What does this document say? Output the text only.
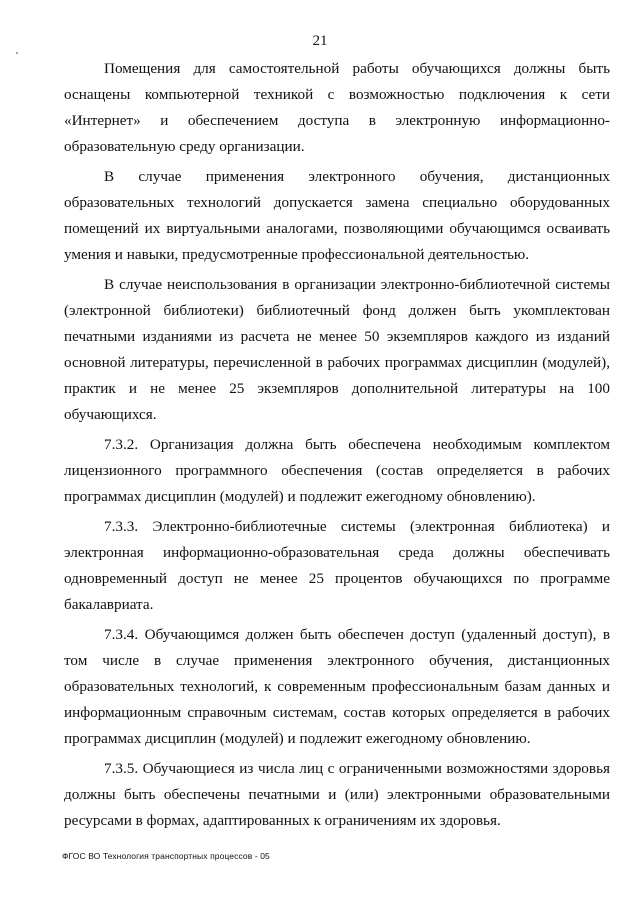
21

Помещения для самостоятельной работы обучающихся должны быть оснащены компьютерной техникой с возможностью подключения к сети «Интернет» и обеспечением доступа в электронную информационно-образовательную среду организации.

В случае применения электронного обучения, дистанционных образовательных технологий допускается замена специально оборудованных помещений их виртуальными аналогами, позволяющими обучающимся осваивать умения и навыки, предусмотренные профессиональной деятельностью.

В случае неиспользования в организации электронно-библиотечной системы (электронной библиотеки) библиотечный фонд должен быть укомплектован печатными изданиями из расчета не менее 50 экземпляров каждого из изданий основной литературы, перечисленной в рабочих программах дисциплин (модулей), практик и не менее 25 экземпляров дополнительной литературы на 100 обучающихся.

7.3.2. Организация должна быть обеспечена необходимым комплектом лицензионного программного обеспечения (состав определяется в рабочих программах дисциплин (модулей) и подлежит ежегодному обновлению).

7.3.3. Электронно-библиотечные системы (электронная библиотека) и электронная информационно-образовательная среда должны обеспечивать одновременный доступ не менее 25 процентов обучающихся по программе бакалавриата.

7.3.4. Обучающимся должен быть обеспечен доступ (удаленный доступ), в том числе в случае применения электронного обучения, дистанционных образовательных технологий, к современным профессиональным базам данных и информационным справочным системам, состав которых определяется в рабочих программах дисциплин (модулей) и подлежит ежегодному обновлению.

7.3.5. Обучающиеся из числа лиц с ограниченными возможностями здоровья должны быть обеспечены печатными и (или) электронными образовательными ресурсами в формах, адаптированных к ограничениям их здоровья.

ФГОС ВО Технология транспортных процессов - 05
